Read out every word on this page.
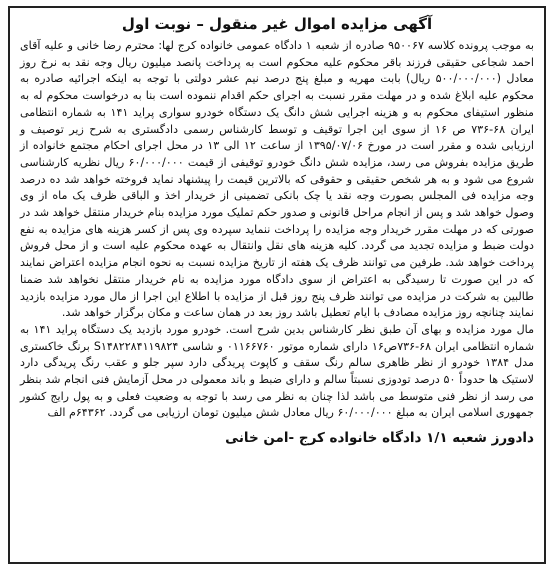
آگهی مزایده اموال غیر منقول – نوبت اول

به موجب پرونده کلاسه ۹۵۰۰۶۷ صادره از شعبه ۱ دادگاه عمومی خانواده کرج لها: محترم رضا خانی و علیه آقای احمد شجاعی حقیقی فرزند باقر محکوم علیه محکوم است به پرداخت پانصد میلیون ریال وجه نقد به نرخ روز معادل (۵۰۰/۰۰۰/۰۰۰ ریال) بابت مهریه و مبلغ پنج درصد نیم عشر دولتی با توجه به اینکه اجرائیه صادره به محکوم علیه ابلاغ شده و در مهلت مقرر نسبت به اجرای حکم اقدام ننموده است بنا به درخواست محکوم له به منظور استیفای محکوم به و هزینه اجرایی شش دانگ یک دستگاه خودرو سواری پراید ۱۴۱ به شماره انتظامی ایران ۶۸-۷۳۶ ص ۱۶ از سوی این اجرا توقیف و توسط کارشناس رسمی دادگستری به شرح زیر توصیف و ارزیابی شده و مقرر است در مورخ ۱۳۹۵/۰۷/۰۶ از ساعت ۱۲ الی ۱۳ در محل اجرای احکام مجتمع خانواده از طریق مزایده بفروش می رسد، مزایده شش دانگ خودرو توقیفی از قیمت ۶۰/۰۰۰/۰۰۰ ریال نظریه کارشناسی شروع می شود و به هر شخص حقیقی و حقوقی که بالاترین قیمت را پیشنهاد نماید فروخته خواهد شد ده درصد وجه مزایده فی المجلس بصورت وجه نقد یا چک بانکی تضمینی از خریدار اخذ و الباقی ظرف یک ماه از وی وصول خواهد شد و پس از انجام مراحل قانونی و صدور حکم تملیک مورد مزایده بنام خریدار منتقل خواهد شد در صورتی که در مهلت مقرر خریدار وجه مزایده را پرداخت ننماید سپرده وی پس از کسر هزینه های مزایده به نفع دولت ضبط و مزایده تجدید می گردد. کلیه هزینه های نقل وانتقال به عهده محکوم علیه است و از محل فروش پرداخت خواهد شد. طرفین می توانند ظرف یک هفته از تاریخ مزایده نسبت به نحوه انجام مزایده اعتراض نمایند که در این صورت تا رسیدگی به اعتراض از سوی دادگاه مورد مزایده به نام خریدار منتقل نخواهد شد ضمنا طالبین به شرکت در مزایده می توانند ظرف پنج روز قبل از مزایده با اطلاع این اجرا از مال مورد مزایده بازدید نمایند چنانچه روز مزایده مصادف با ایام تعطیل باشد روز بعد در همان ساعت و مکان برگزار خواهد شد.

مال مورد مزایده و بهای آن طبق نظر کارشناس بدین شرح است. خودرو مورد بازدید یک دستگاه پراید ۱۴۱ به شماره انتظامی ایران ۶۸-۷۳۶ص۱۶ دارای شماره موتور ۰۱۱۶۶۷۶۰ و شاسی S۱۴۸۲۲۸۴۱۱۹۸۲۴ برنگ خاکستری مدل ۱۳۸۴ خودرو از نظر ظاهری سالم رنگ سقف و کاپوت پریدگی دارد سپر جلو و عقب رنگ پریدگی دارد لاستیک ها حدوداً ۵۰ درصد تودوزی نسبتاً سالم و دارای ضبط و باند معمولی در محل آزمایش فنی انجام شد بنظر می رسد از نظر فنی متوسط می باشد لذا چنان به نظر می رسد با توجه به وضعیت فعلی و به پول رایج کشور جمهوری اسلامی ایران به مبلغ ۶۰/۰۰۰/۰۰۰ ریال معادل شش میلیون تومان ارزیابی می گردد. ۶۴۳۶۲م الف

دادورز شعبه ۱/۱ دادگاه خانواده کرج -امن خانی
